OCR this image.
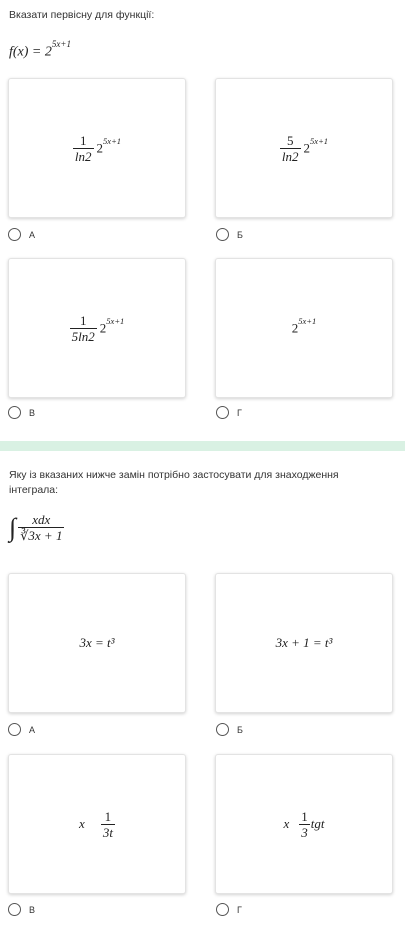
Вказати первісну для функції:
$f(x) = 2^{5x+1}$
$\frac{1}{\ln 2} 2^{5x+1}$	$\frac{5}{\ln 2} 2^{5x+1}$
А	Б
$\frac{1}{5\ln 2} 2^{5x+1}$	$2^{5x+1}$
В	Г
Яку із вказаних нижче замін потрібно застосувати для знаходження інтеграла:
∫ $\frac{\text{xdx}}{∛3x + 1}$
3x = t³	3x + 1 = t³
А	Б
x $\frac{1}{3t}$	x $\frac{1}{3}$ tgt
В	Г
